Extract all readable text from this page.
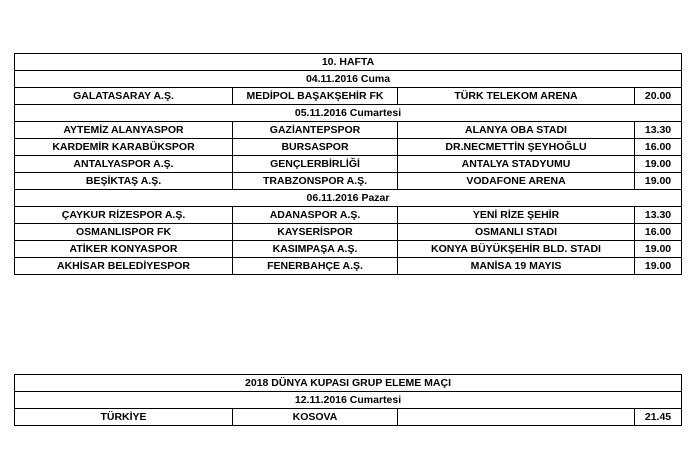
10. HAFTA			
04.11.2016 Cuma			
GALATASARAY A.Ş.	MEDİPOL BAŞAKŞEHİR FK	TÜRK TELEKOM ARENA	20.00
05.11.2016 Cumartesi			
AYTEMİZ ALANYASPOR	GAZİANTEPSPOR	ALANYA OBA STADI	13.30
KARDEMİR KARABÜKSPOR	BURSASPOR	DR.NECMETTİN ŞEYHOĞLU	16.00
ANTALYASPOR A.Ş.	GENÇLERBİRLİĞİ	ANTALYA STADYUMU	19.00
BEŞİKTAŞ A.Ş.	TRABZONSPOR A.Ş.	VODAFONE ARENA	19.00
06.11.2016 Pazar			
ÇAYKUR RİZESPOR A.Ş.	ADANASPOR A.Ş.	YENİ RİZE ŞEHİR	13.30
OSMANLISPOR FK	KAYSERİSPOR	OSMANLI STADI	16.00
ATİKER KONYASPOR	KASIMPAŞA A.Ş.	KONYA BÜYÜKŞEHİR BLD. STADI	19.00
AKHİSAR BELEDİYESPOR	FENERBAHÇE A.Ş.	MANİSA 19 MAYIS	19.00
2018 DÜNYA KUPASI GRUP ELEME MAÇI
12.11.2016 Cumartesi
TÜRKİYE	KOSOVA		21.45
